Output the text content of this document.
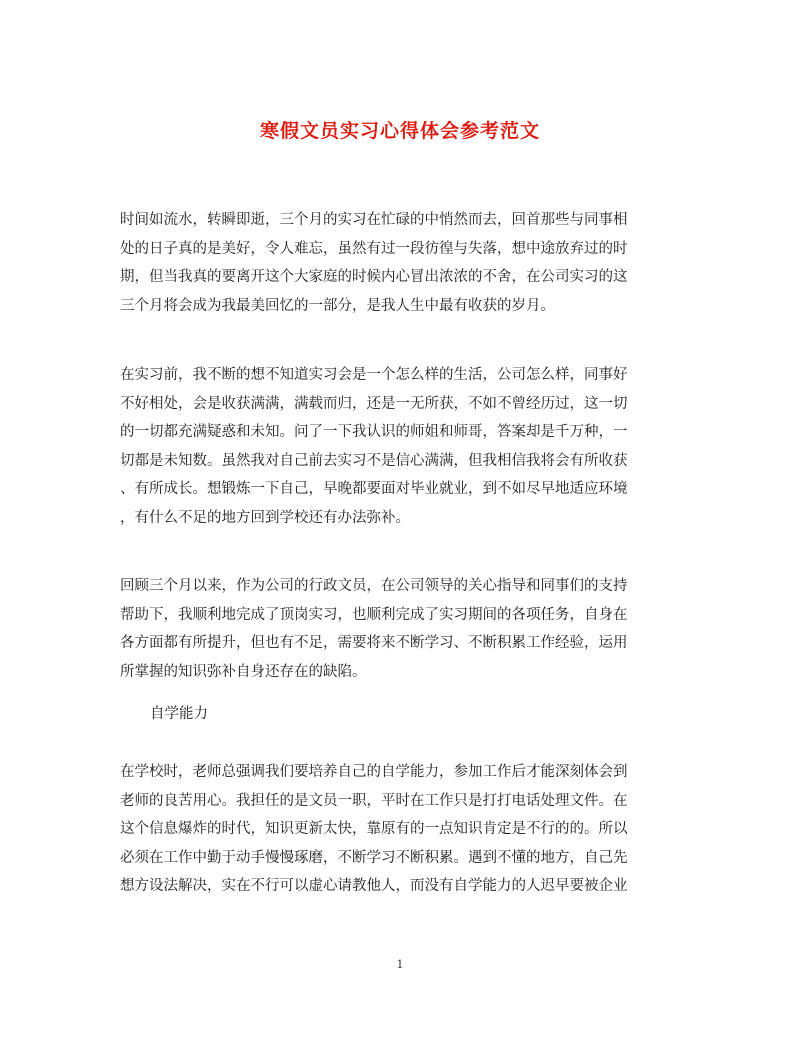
寒假文员实习心得体会参考范文
时间如流水，转瞬即逝，三个月的实习在忙碌的中悄然而去，回首那些与同事相
处的日子真的是美好，令人难忘，虽然有过一段彷徨与失落，想中途放弃过的时
期，但当我真的要离开这个大家庭的时候内心冒出浓浓的不舍，在公司实习的这
三个月将会成为我最美回忆的一部分，是我人生中最有收获的岁月。
在实习前，我不断的想不知道实习会是一个怎么样的生活，公司怎么样，同事好
不好相处，会是收获满满，满载而归，还是一无所获，不如不曾经历过，这一切
的一切都充满疑惑和未知。问了一下我认识的师姐和师哥，答案却是千万种，一
切都是未知数。虽然我对自己前去实习不是信心满满，但我相信我将会有所收获
、有所成长。想锻炼一下自己，早晚都要面对毕业就业，到不如尽早地适应环境
，有什么不足的地方回到学校还有办法弥补。
回顾三个月以来，作为公司的行政文员，在公司领导的关心指导和同事们的支持
帮助下，我顺利地完成了顶岗实习，也顺利完成了实习期间的各项任务，自身在
各方面都有所提升，但也有不足，需要将来不断学习、不断积累工作经验，运用
所掌握的知识弥补自身还存在的缺陷。
自学能力
在学校时，老师总强调我们要培养自己的自学能力，参加工作后才能深刻体会到
老师的良苦用心。我担任的是文员一职，平时在工作只是打打电话处理文件。在
这个信息爆炸的时代，知识更新太快，靠原有的一点知识肯定是不行的的。所以
必须在工作中勤于动手慢慢琢磨，不断学习不断积累。遇到不懂的地方，自己先
想方设法解决，实在不行可以虚心请教他人，而没有自学能力的人迟早要被企业
1
